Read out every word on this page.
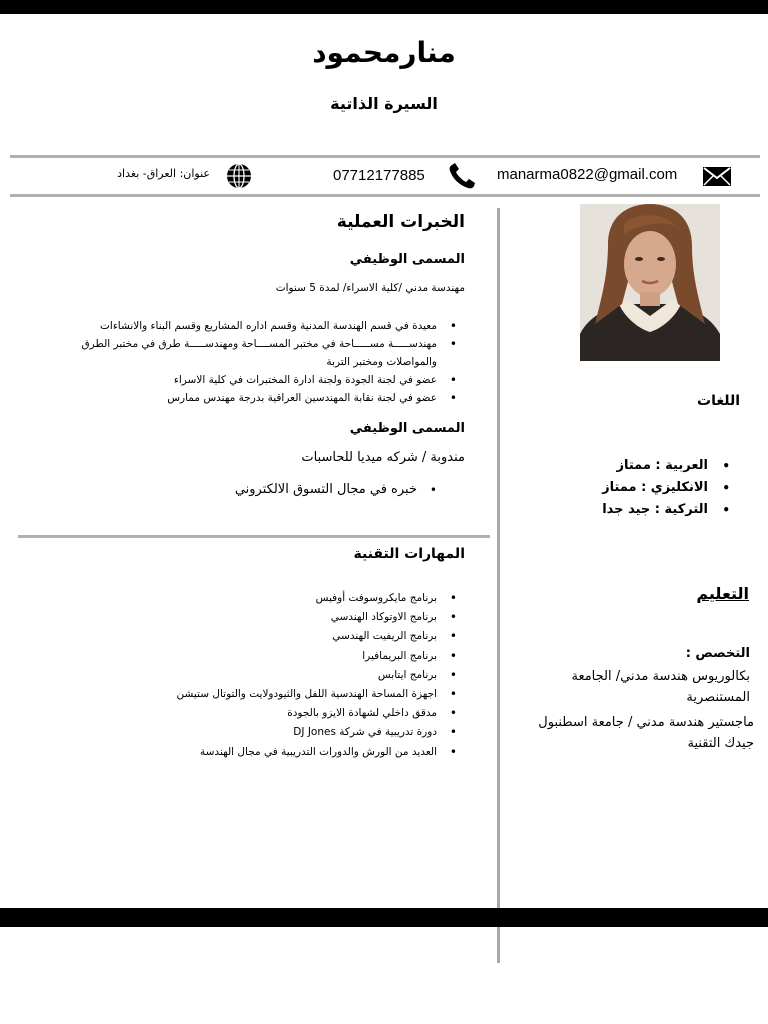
منارمحمود
السيرة الذاتية
manarma0822@gmail.com
07712177885
عنوان: العراق- بغداد
الخبرات العملية
المسمى الوظيفي
مهندسة مدني /كلية الاسراء/ لمدة 5 سنوات
• معيدة في قسم الهندسة المدنية وقسم اداره المشاريع وقسم البناء والانشاءات
• مهندســـــة مســـــاحة في مختبر المســــاحة ومهندســـــة طرق في مختبر الطرق والمواصلات ومختبر التربة
• عضو في لجنة الجودة ولجنة ادارة المختبرات في كلية الاسراء
• عضو في لجنة نقابة المهندسين العراقية بدرجة مهندس ممارس
المسمى الوظيفي
مندوبة / شركه ميديا للحاسبات
• خبره في مجال التسوق الالكتروني
المهارات التقنية
• برنامج مايكروسوفت أوفيس
• برنامج الاوتوكاد الهندسي
• برنامج الريفيت الهندسي
• برنامج البريمافيرا
• برنامج ايتابس
• اجهزة المساحة الهندسية اللفل والثيودولايت والتوتال ستيشن
• مدقق داخلي لشهادة الايزو بالجودة
• دورة تدريبية في شركة DJ Jones
• العديد من الورش والدورات التدريبية في مجال الهندسة
اللغات
• العربية : ممتاز
• الانكليزي : ممتاز
• التركية : جيد جدا
التعليم
التخصص :
بكالوريوس هندسة مدني/ الجامعة المستنصرية
ماجستير هندسة مدني / جامعة اسطنبول جيدك التقنية
